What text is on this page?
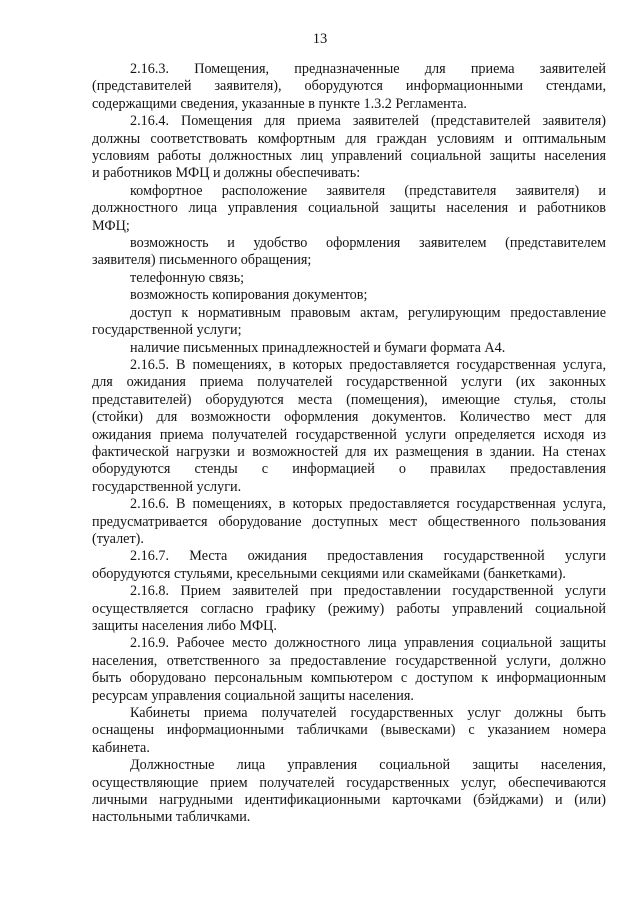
13
2.16.3. Помещения, предназначенные для приема заявителей
(представителей заявителя), оборудуются информационными стендами,
содержащими сведения, указанные в пункте 1.3.2 Регламента.
2.16.4. Помещения для приема заявителей (представителей заявителя)
должны соответствовать комфортным для граждан условиям и оптимальным
условиям работы должностных лиц управлений социальной защиты населения
и работников МФЦ и должны обеспечивать:
комфортное расположение заявителя (представителя заявителя) и
должностного лица управления социальной защиты населения и работников
МФЦ;
возможность и удобство оформления заявителем (представителем
заявителя) письменного обращения;
телефонную связь;
возможность копирования документов;
доступ к нормативным правовым актам, регулирующим предоставление
государственной услуги;
наличие письменных принадлежностей и бумаги формата А4.
2.16.5. В помещениях, в которых предоставляется государственная услуга,
для ожидания приема получателей государственной услуги (их законных
представителей) оборудуются места (помещения), имеющие стулья, столы
(стойки) для возможности оформления документов. Количество мест для
ожидания приема получателей государственной услуги определяется исходя из
фактической нагрузки и возможностей для их размещения в здании. На стенах
оборудуются стенды с информацией о правилах предоставления
государственной услуги.
2.16.6. В помещениях, в которых предоставляется государственная услуга,
предусматривается оборудование доступных мест общественного пользования
(туалет).
2.16.7. Места ожидания предоставления государственной услуги
оборудуются стульями, кресельными секциями или скамейками (банкетками).
2.16.8. Прием заявителей при предоставлении государственной услуги
осуществляется согласно графику (режиму) работы управлений социальной
защиты населения либо МФЦ.
2.16.9. Рабочее место должностного лица управления социальной защиты
населения, ответственного за предоставление государственной услуги, должно
быть оборудовано персональным компьютером с доступом к информационным
ресурсам управления социальной защиты населения.
Кабинеты приема получателей государственных услуг должны быть
оснащены информационными табличками (вывесками) с указанием номера
кабинета.
Должностные лица управления социальной защиты населения,
осуществляющие прием получателей государственных услуг, обеспечиваются
личными нагрудными идентификационными карточками (бэйджами) и (или)
настольными табличками.
